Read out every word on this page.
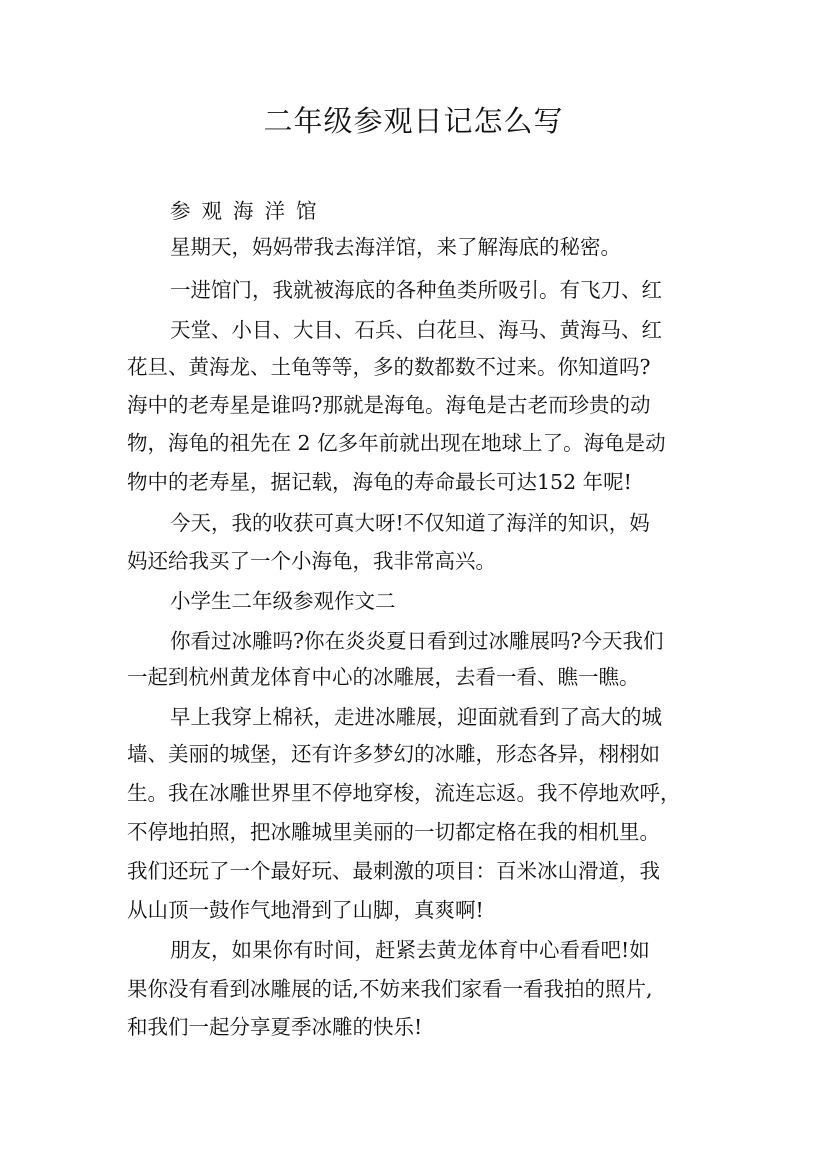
二年级参观日记怎么写
参观海洋馆
星期天，妈妈带我去海洋馆，来了解海底的秘密。
一进馆门，我就被海底的各种鱼类所吸引。有飞刀、红
天堂、小目、大目、石兵、白花旦、海马、黄海马、红
花旦、黄海龙、土龟等等，多的数都数不过来。你知道吗?
海中的老寿星是谁吗?那就是海龟。海龟是古老而珍贵的动
物，海龟的祖先在 2 亿多年前就出现在地球上了。海龟是动
物中的老寿星，据记载，海龟的寿命最长可达152 年呢!
今天，我的收获可真大呀!不仅知道了海洋的知识，妈
妈还给我买了一个小海龟，我非常高兴。
小学生二年级参观作文二
你看过冰雕吗?你在炎炎夏日看到过冰雕展吗?今天我们
一起到杭州黄龙体育中心的冰雕展，去看一看、瞧一瞧。
早上我穿上棉袄，走进冰雕展，迎面就看到了高大的城
墙、美丽的城堡，还有许多梦幻的冰雕，形态各异，栩栩如
生。我在冰雕世界里不停地穿梭，流连忘返。我不停地欢呼，
不停地拍照，把冰雕城里美丽的一切都定格在我的相机里。
我们还玩了一个最好玩、最刺激的项目：百米冰山滑道，我
从山顶一鼓作气地滑到了山脚，真爽啊!
朋友，如果你有时间，赶紧去黄龙体育中心看看吧!如
果你没有看到冰雕展的话,不妨来我们家看一看我拍的照片,
和我们一起分享夏季冰雕的快乐!
